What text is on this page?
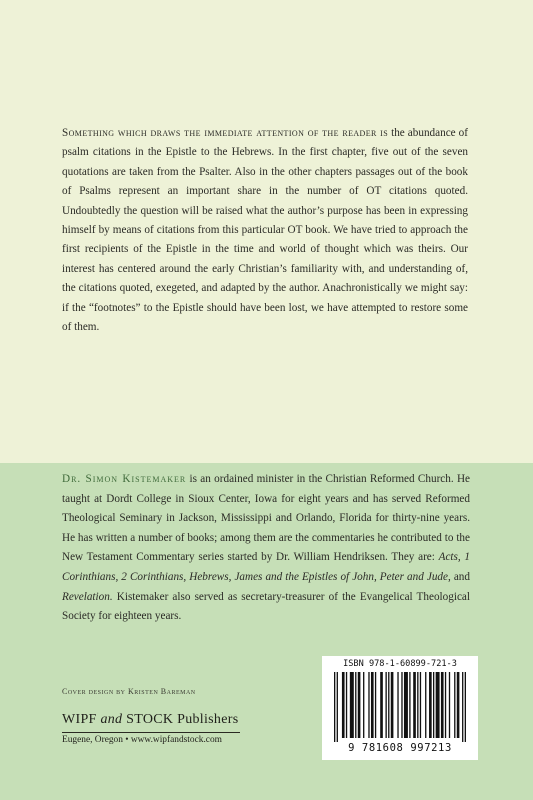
Something which draws the immediate attention of the reader is the abundance of psalm citations in the Epistle to the Hebrews. In the first chapter, five out of the seven quotations are taken from the Psalter. Also in the other chapters passages out of the book of Psalms represent an important share in the number of OT citations quoted. Undoubtedly the question will be raised what the author’s purpose has been in expressing himself by means of citations from this particular OT book. We have tried to approach the first recipients of the Epistle in the time and world of thought which was theirs. Our interest has centered around the early Christian’s familiarity with, and understanding of, the citations quoted, exegeted, and adapted by the author. Anachronistically we might say: if the “footnotes” to the Epistle should have been lost, we have attempted to restore some of them.
Dr. Simon Kistemaker is an ordained minister in the Christian Reformed Church. He taught at Dordt College in Sioux Center, Iowa for eight years and has served Reformed Theological Seminary in Jackson, Mississippi and Orlando, Florida for thirty-nine years. He has written a number of books; among them are the commentaries he contributed to the New Testament Commentary series started by Dr. William Hendriksen. They are: Acts, 1 Corinthians, 2 Corinthians, Hebrews, James and the Epistles of John, Peter and Jude, and Revelation. Kistemaker also served as secretary-treasurer of the Evangelical Theological Society for eighteen years.
Cover design by Kristen Bareman
WIPF and STOCK Publishers
Eugene, Oregon • www.wipfandstock.com
ISBN 978-1-60899-721-3
9 781608 997213
